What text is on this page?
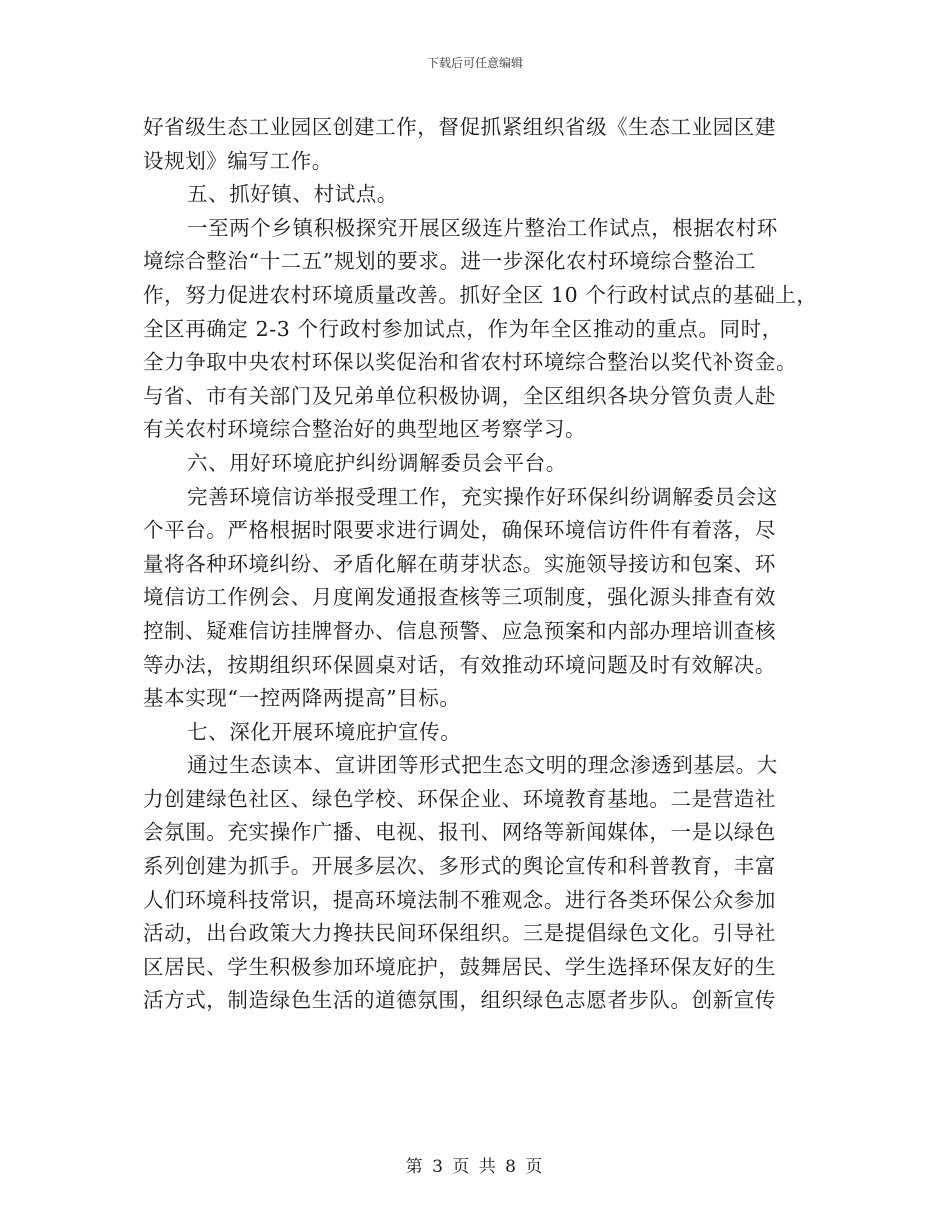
下载后可任意编辑
好省级生态工业园区创建工作，督促抓紧组织省级《生态工业园区建
设规划》编写工作。
五、抓好镇、村试点。
一至两个乡镇积极探究开展区级连片整治工作试点，根据农村环
境综合整治“十二五”规划的要求。进一步深化农村环境综合整治工
作，努力促进农村环境质量改善。抓好全区 10 个行政村试点的基础上，
全区再确定 2-3 个行政村参加试点，作为年全区推动的重点。同时，
全力争取中央农村环保以奖促治和省农村环境综合整治以奖代补资金。
与省、市有关部门及兄弟单位积极协调，全区组织各块分管负责人赴
有关农村环境综合整治好的典型地区考察学习。
六、用好环境庇护纠纷调解委员会平台。
完善环境信访举报受理工作，充实操作好环保纠纷调解委员会这
个平台。严格根据时限要求进行调处，确保环境信访件件有着落，尽
量将各种环境纠纷、矛盾化解在萌芽状态。实施领导接访和包案、环
境信访工作例会、月度阐发通报查核等三项制度，强化源头排查有效
控制、疑难信访挂牌督办、信息预警、应急预案和内部办理培训查核
等办法，按期组织环保圆桌对话，有效推动环境问题及时有效解决。
基本实现“一控两降两提高”目标。
七、深化开展环境庇护宣传。
通过生态读本、宣讲团等形式把生态文明的理念渗透到基层。大
力创建绿色社区、绿色学校、环保企业、环境教育基地。二是营造社
会氛围。充实操作广播、电视、报刊、网络等新闻媒体，一是以绿色
系列创建为抓手。开展多层次、多形式的舆论宣传和科普教育，丰富
人们环境科技常识，提高环境法制不雅观念。进行各类环保公众参加
活动，出台政策大力搀扶民间环保组织。三是提倡绿色文化。引导社
区居民、学生积极参加环境庇护，鼓舞居民、学生选择环保友好的生
活方式，制造绿色生活的道德氛围，组织绿色志愿者步队。创新宣传
第 3 页 共 8 页
